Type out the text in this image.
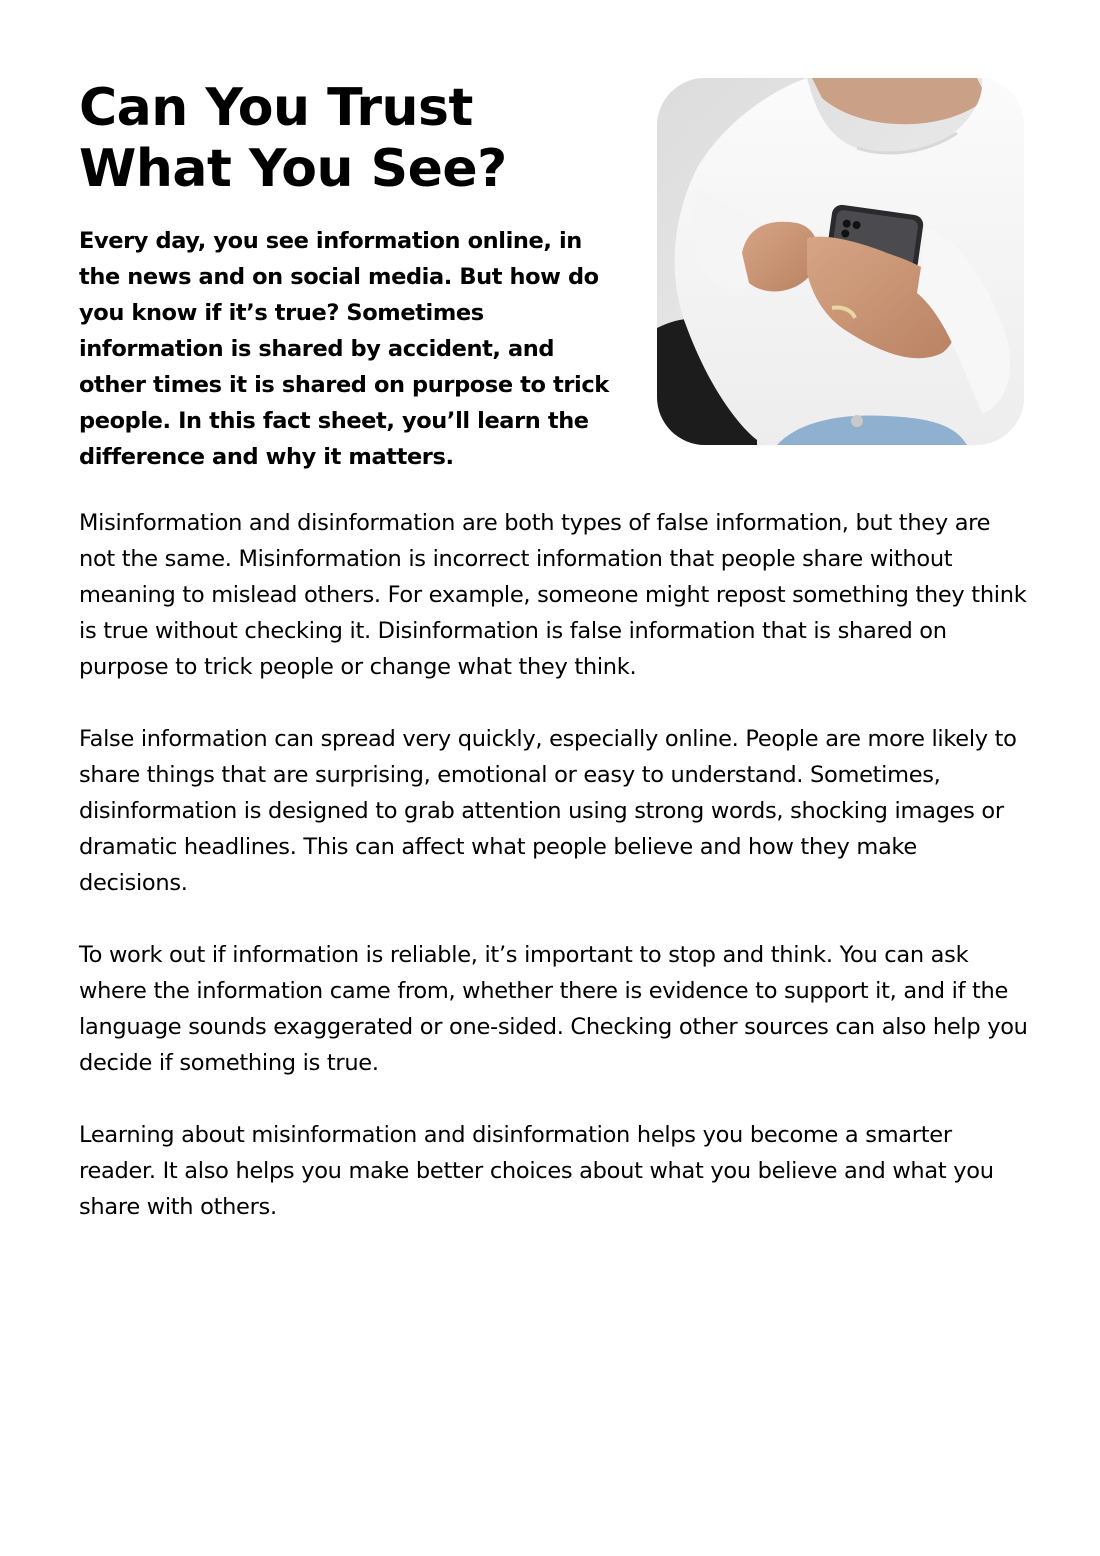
Can You Trust
What You See?

Every day, you see information online, in the news and on social media. But how do you know if it’s true? Sometimes information is shared by accident, and other times it is shared on purpose to trick people. In this fact sheet, you’ll learn the difference and why it matters.

Misinformation and disinformation are both types of false information, but they are not the same. Misinformation is incorrect information that people share without meaning to mislead others. For example, someone might repost something they think is true without checking it. Disinformation is false information that is shared on purpose to trick people or change what they think.

False information can spread very quickly, especially online. People are more likely to share things that are surprising, emotional or easy to understand. Sometimes, disinformation is designed to grab attention using strong words, shocking images or dramatic headlines. This can affect what people believe and how they make decisions.

To work out if information is reliable, it’s important to stop and think. You can ask where the information came from, whether there is evidence to support it, and if the language sounds exaggerated or one-sided. Checking other sources can also help you decide if something is true.

Learning about misinformation and disinformation helps you become a smarter reader. It also helps you make better choices about what you believe and what you share with others.
